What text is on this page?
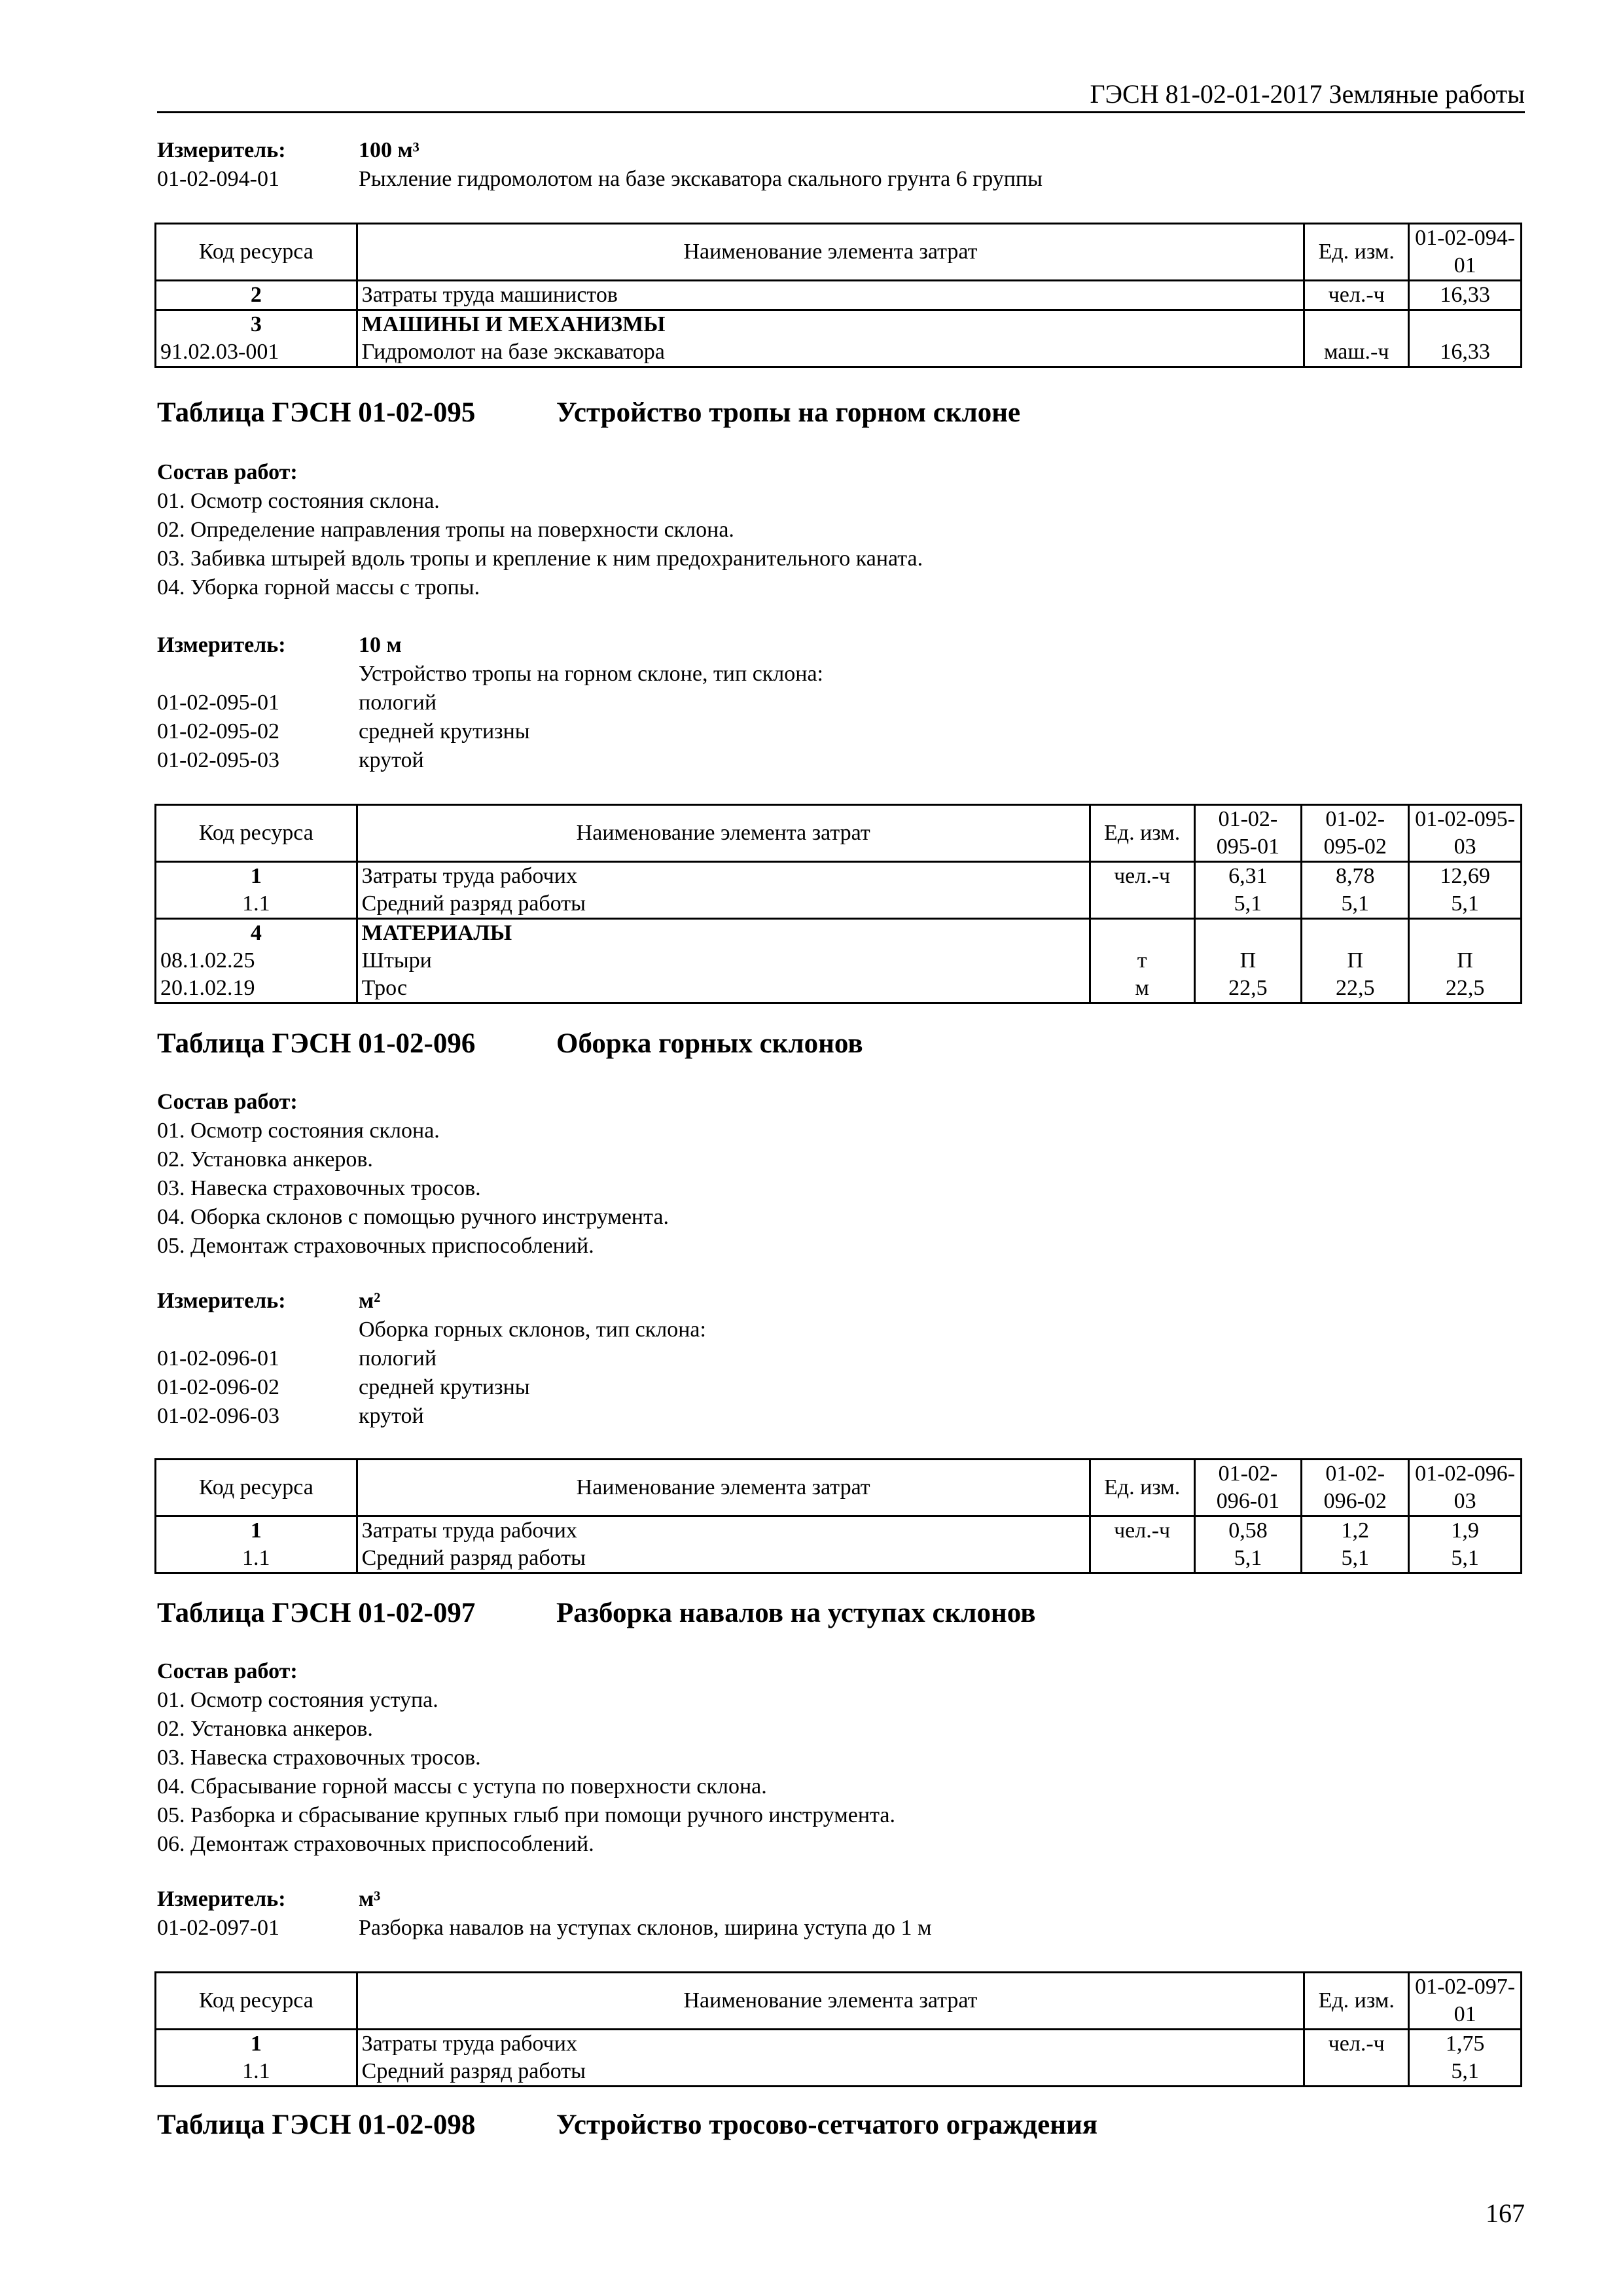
ГЭСН 81-02-01-2017 Земляные работы
Измеритель:	100 м³
01-02-094-01	Рыхление гидромолотом на базе экскаватора скального грунта 6 группы
Код ресурса	Наименование элемента затрат	Ед. изм.	01-02-094-01
2	Затраты труда машинистов	чел.-ч	16,33
3	МАШИНЫ И МЕХАНИЗМЫ		
91.02.03-001	Гидромолот на базе экскаватора	маш.-ч	16,33
Таблица ГЭСН 01-02-095	Устройство тропы на горном склоне
Состав работ:
01. Осмотр состояния склона.
02. Определение направления тропы на поверхности склона.
03. Забивка штырей вдоль тропы и крепление к ним предохранительного каната.
04. Уборка горной массы с тропы.
Измеритель:	10 м
Устройство тропы на горном склоне, тип склона:
01-02-095-01	пологий
01-02-095-02	средней крутизны
01-02-095-03	крутой
Код ресурса	Наименование элемента затрат	Ед. изм.	01-02-095-01	01-02-095-02	01-02-095-03
1	Затраты труда рабочих	чел.-ч	6,31	8,78	12,69
1.1	Средний разряд работы		5,1	5,1	5,1
4	МАТЕРИАЛЫ				
08.1.02.25	Штыри	т	П	П	П
20.1.02.19	Трос	м	22,5	22,5	22,5
Таблица ГЭСН 01-02-096	Оборка горных склонов
Состав работ:
01. Осмотр состояния склона.
02. Установка анкеров.
03. Навеска страховочных тросов.
04. Оборка склонов с помощью ручного инструмента.
05. Демонтаж страховочных приспособлений.
Измеритель:	м²
Оборка горных склонов, тип склона:
01-02-096-01	пологий
01-02-096-02	средней крутизны
01-02-096-03	крутой
Код ресурса	Наименование элемента затрат	Ед. изм.	01-02-096-01	01-02-096-02	01-02-096-03
1	Затраты труда рабочих	чел.-ч	0,58	1,2	1,9
1.1	Средний разряд работы		5,1	5,1	5,1
Таблица ГЭСН 01-02-097	Разборка навалов на уступах склонов
Состав работ:
01. Осмотр состояния уступа.
02. Установка анкеров.
03. Навеска страховочных тросов.
04. Сбрасывание горной массы с уступа по поверхности склона.
05. Разборка и сбрасывание крупных глыб при помощи ручного инструмента.
06. Демонтаж страховочных приспособлений.
Измеритель:	м³
01-02-097-01	Разборка навалов на уступах склонов, ширина уступа до 1 м
Код ресурса	Наименование элемента затрат	Ед. изм.	01-02-097-01
1	Затраты труда рабочих	чел.-ч	1,75
1.1	Средний разряд работы		5,1
Таблица ГЭСН 01-02-098	Устройство тросово-сетчатого ограждения
167
